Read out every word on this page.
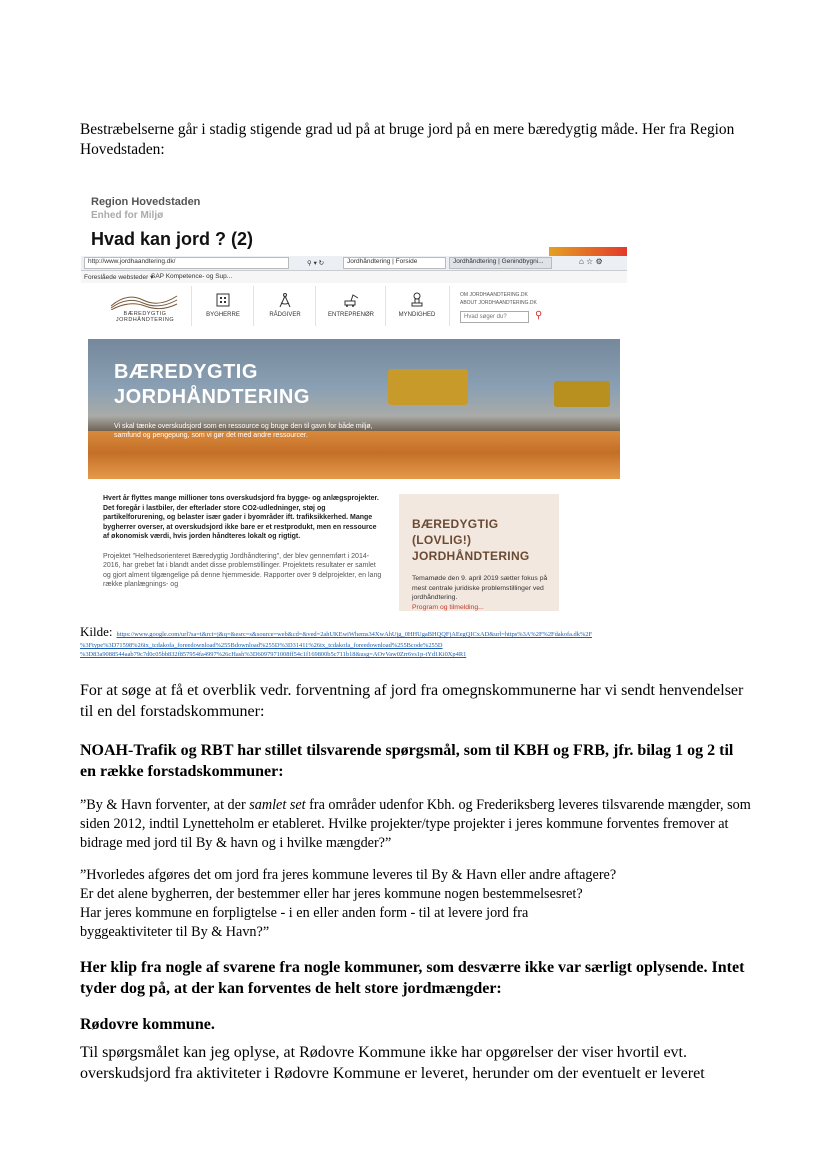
Bestræbelserne går i stadig stigende grad ud på at bruge jord på en mere bæredygtig måde. Her fra Region Hovedstaden:

Region Hovedstaden
Enhed for Miljø
Hvad kan jord ? (2)
http://www.jordhaandtering.dk/	⚲ ▾ ↻	Jordhåndtering | Forside	Jordhåndtering | Genindbygni...	⌂ ☆ ⚙
Foreslåede websteder ▾
SAP Kompetence- og Sup...
BÆREDYGTIG JORDHÅNDTERING
BYGHERRE	RÅDGIVER	ENTREPRENØR	MYNDIGHED
OM JORDHAANDTERING.DK
ABOUT JORDHAANDTERING.DK
Hvad søger du?	⚲
BÆREDYGTIG
JORDHÅNDTERING
Vi skal tænke overskudsjord som en ressource og bruge den til gavn for både miljø, samfund og pengepung, som vi gør det med andre ressourcer.
Hvert år flyttes mange millioner tons overskudsjord fra bygge- og anlægsprojekter. Det foregår i lastbiler, der efterlader store CO2-udledninger, støj og partikelforurening, og belaster især gader i byområder ift. trafiksikkerhed. Mange bygherrer overser, at overskudsjord ikke bare er et restprodukt, men en ressource af økonomisk værdi, hvis jorden håndteres lokalt og rigtigt.
Projektet "Helhedsorienteret Bæredygtig Jordhåndtering", der blev gennemført i 2014-2016, har grebet fat i blandt andet disse problemstillinger. Projektets resultater er samlet og gjort alment tilgængelige på denne hjemmeside. Rapporter over 9 delprojekter, en lang række planlægnings- og
BÆREDYGTIG
(LOVLIG!)
JORDHÅNDTERING
Temamøde den 9. april 2019 sætter fokus på mest centrale juridiske problemstillinger ved jordhåndtering.
Program og tilmelding...
Kilde: https://www.google.com/url?sa=t&rct=j&q=&esrc=s&source=web&cd=&ved=2ahUKEwiWhems34XwAhUjg_0HHUgaBHQQFjAEegQICxAD&url=https%3A%2F%2Fdakofa.dk%2F
%3Ftype%3D71598%26tx_tcdakofa_foreedownload%255Bdownload%255D%3D31411%26tx_tcdakofa_foreedownload%255Bcode%255D
%3D83a9088544aab79c7d0c05bb832f857954fa4997%26cHash%3D6097971008ff54c1f169800b5c711b18&usg=AOvVaw0Zrr6vs1p-tYd1Ki0Xp4R1

For at søge at få et overblik vedr. forventning af jord fra omegnskommunerne har vi sendt henvendelser til en del forstadskommuner:

NOAH-Trafik og RBT har stillet tilsvarende spørgsmål, som til KBH og FRB, jfr. bilag 1 og 2 til en række forstadskommuner:

”By & Havn forventer, at der samlet set fra områder udenfor Kbh. og Frederiksberg leveres tilsvarende mængder, som siden 2012, indtil Lynetteholm er etableret. Hvilke projekter/type projekter i jeres kommune forventes fremover at bidrage med jord til By & havn og i hvilke mængder?”

”Hvorledes afgøres det om jord fra jeres kommune leveres til By & Havn eller andre aftagere?
Er det alene bygherren, der bestemmer eller har jeres kommune nogen bestemmelsesret?
Har jeres kommune en forpligtelse - i en eller anden form - til at levere jord fra
byggeaktiviteter til By & Havn?”

Her klip fra nogle af svarene fra nogle kommuner, som desværre ikke var særligt oplysende. Intet tyder dog på, at der kan forventes de helt store jordmængder:

Rødovre kommune.

Til spørgsmålet kan jeg oplyse, at Rødovre Kommune ikke har opgørelser der viser hvortil evt. overskudsjord fra aktiviteter i Rødovre Kommune er leveret, herunder om der eventuelt er leveret
